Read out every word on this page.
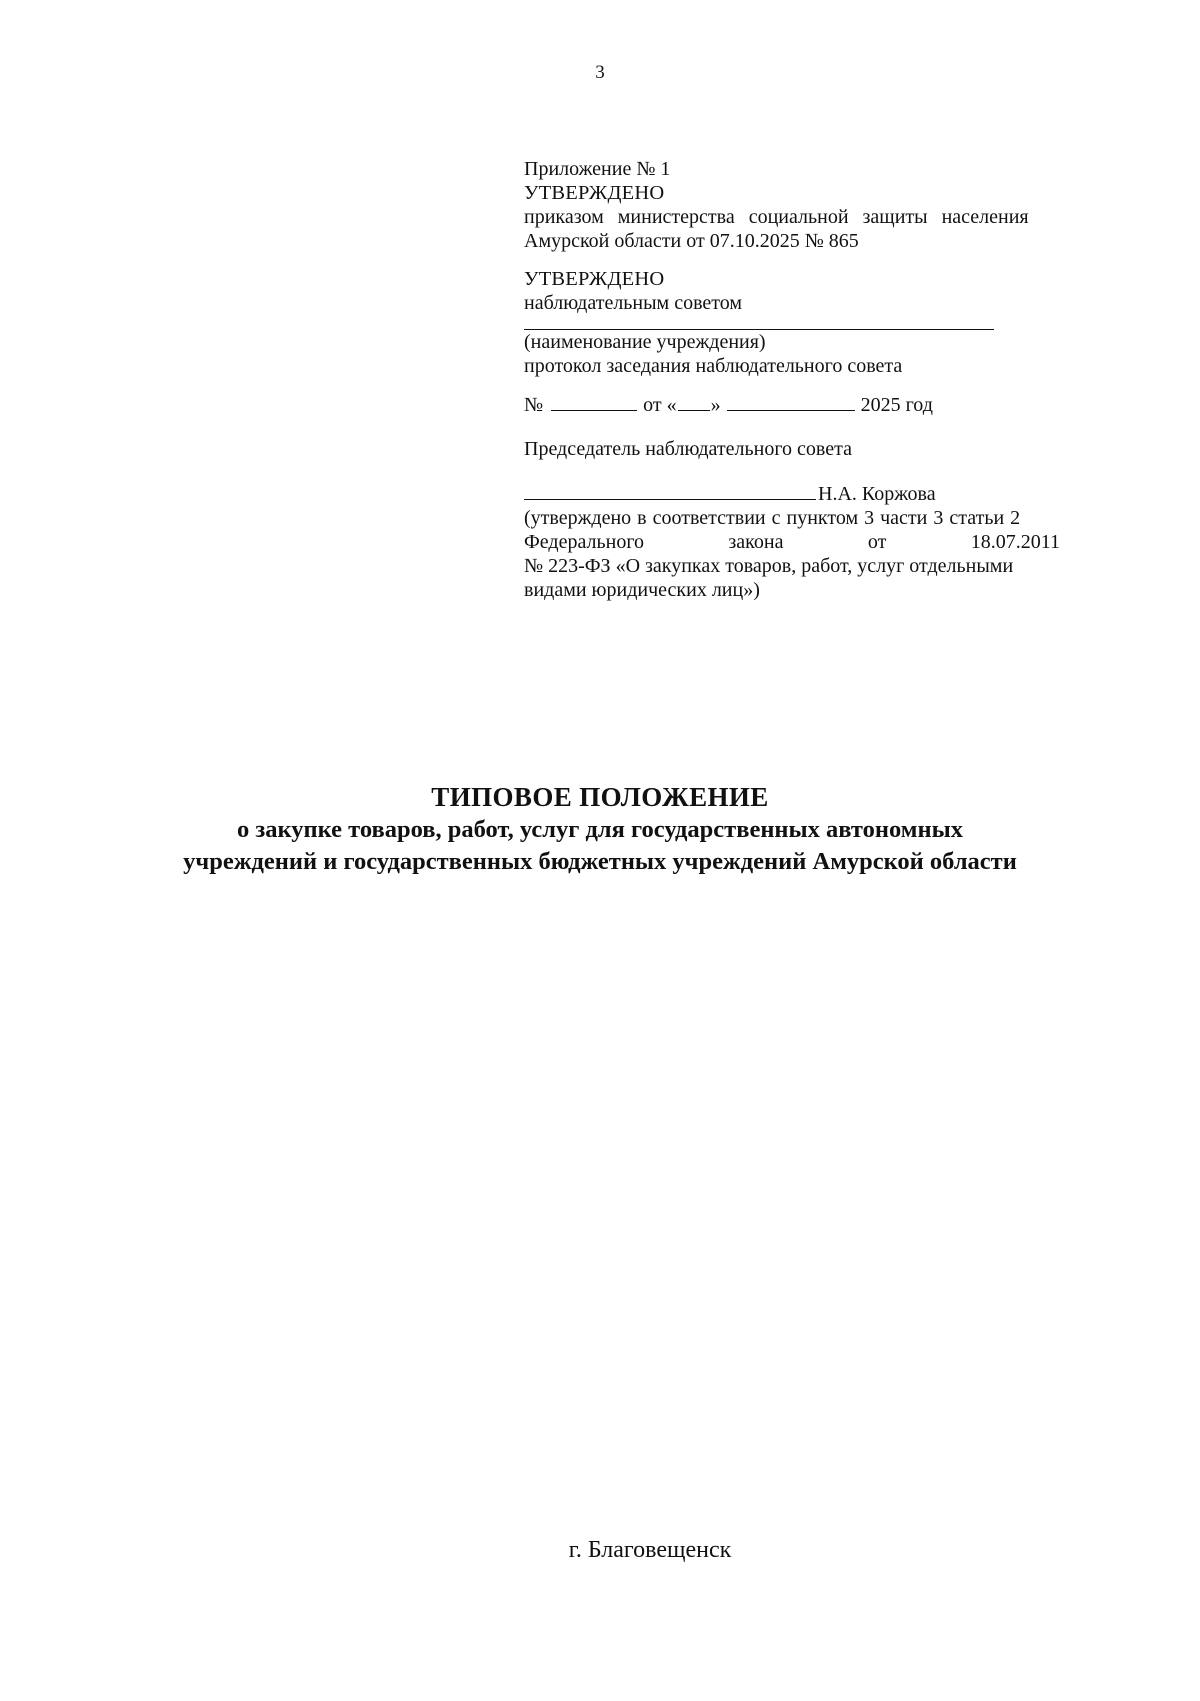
3
Приложение № 1
УТВЕРЖДЕНО
приказом министерства социальной защиты населения
Амурской области от 07.10.2025 № 865
УТВЕРЖДЕНО
наблюдательным советом
(наименование учреждения)
протокол заседания наблюдательного совета
№	от « »	2025 год
Председатель наблюдательного совета
Н.А. Коржова
(утверждено в соответствии с пунктом 3 части 3 статьи 2
Федерального	закона	от	18.07.2011
№ 223-ФЗ «О закупках товаров, работ, услуг отдельными
видами юридических лиц»)
ТИПОВОЕ ПОЛОЖЕНИЕ
о закупке товаров, работ, услуг для государственных автономных
учреждений и государственных бюджетных учреждений Амурской области
г. Благовещенск
